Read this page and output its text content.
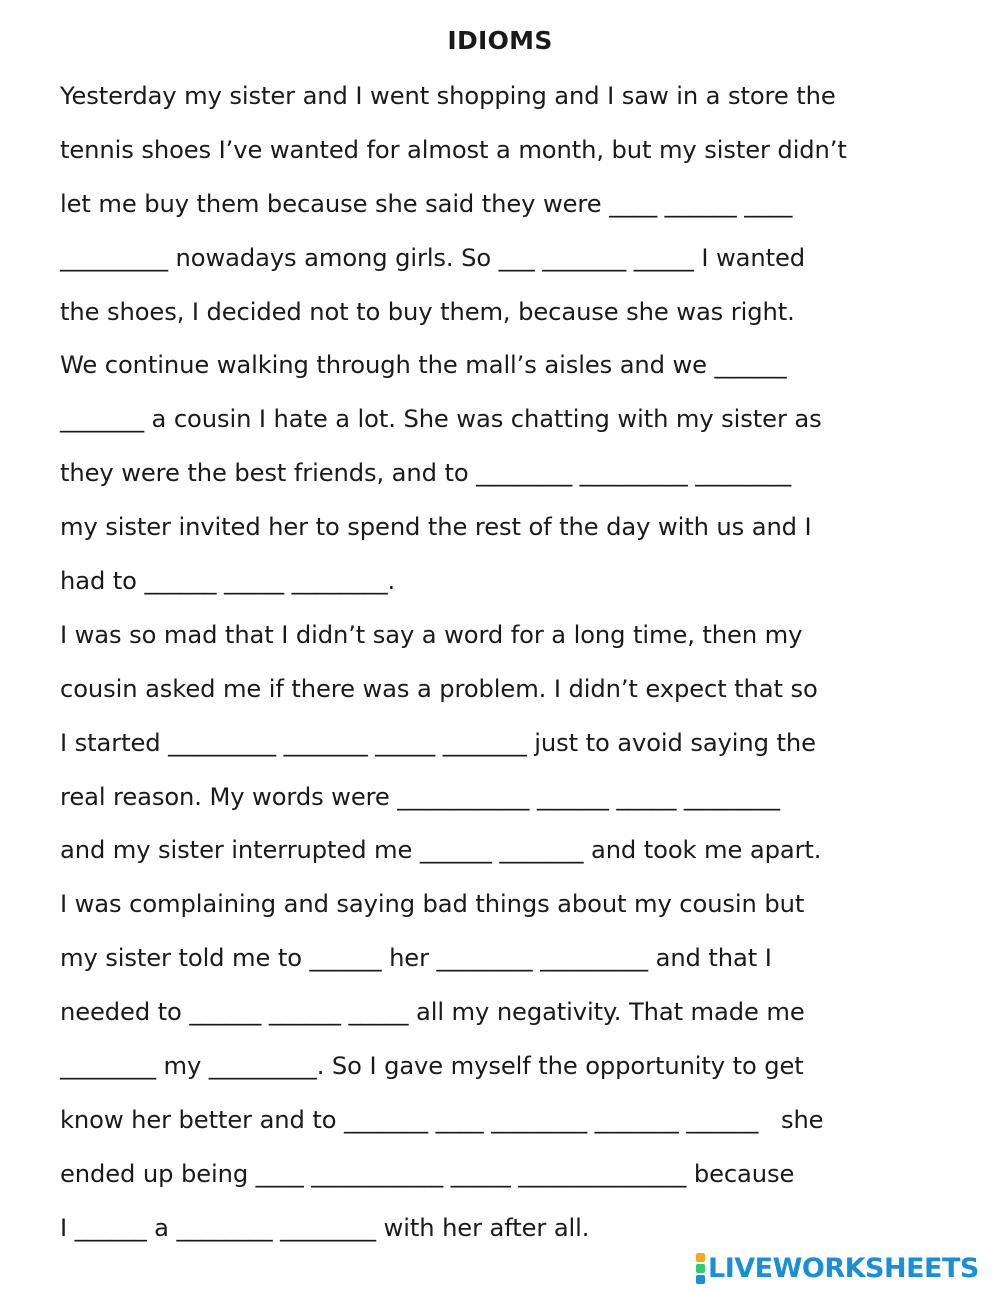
IDIOMS
Yesterday my sister and I went shopping and I saw in a store the
tennis shoes I’ve wanted for almost a month, but my sister didn’t
let me buy them because she said they were ____ ______ ____
_________ nowadays among girls. So ___ _______ _____ I wanted
the shoes, I decided not to buy them, because she was right.
We continue walking through the mall’s aisles and we ______
_______ a cousin I hate a lot. She was chatting with my sister as
they were the best friends, and to ________ _________ ________
my sister invited her to spend the rest of the day with us and I
had to ______ _____ ________.
I was so mad that I didn’t say a word for a long time, then my
cousin asked me if there was a problem. I didn’t expect that so
I started _________ _______ _____ _______ just to avoid saying the
real reason. My words were ___________ ______ _____ ________
and my sister interrupted me ______ _______ and took me apart.
I was complaining and saying bad things about my cousin but
my sister told me to ______ her ________ _________ and that I
needed to ______ ______ _____ all my negativity. That made me
________ my _________. So I gave myself the opportunity to get
know her better and to _______ ____ ________ _______ ______   she
ended up being ____ ___________ _____ ______________ because
I ______ a ________ ________ with her after all.
LIVEWORKSHEETS
